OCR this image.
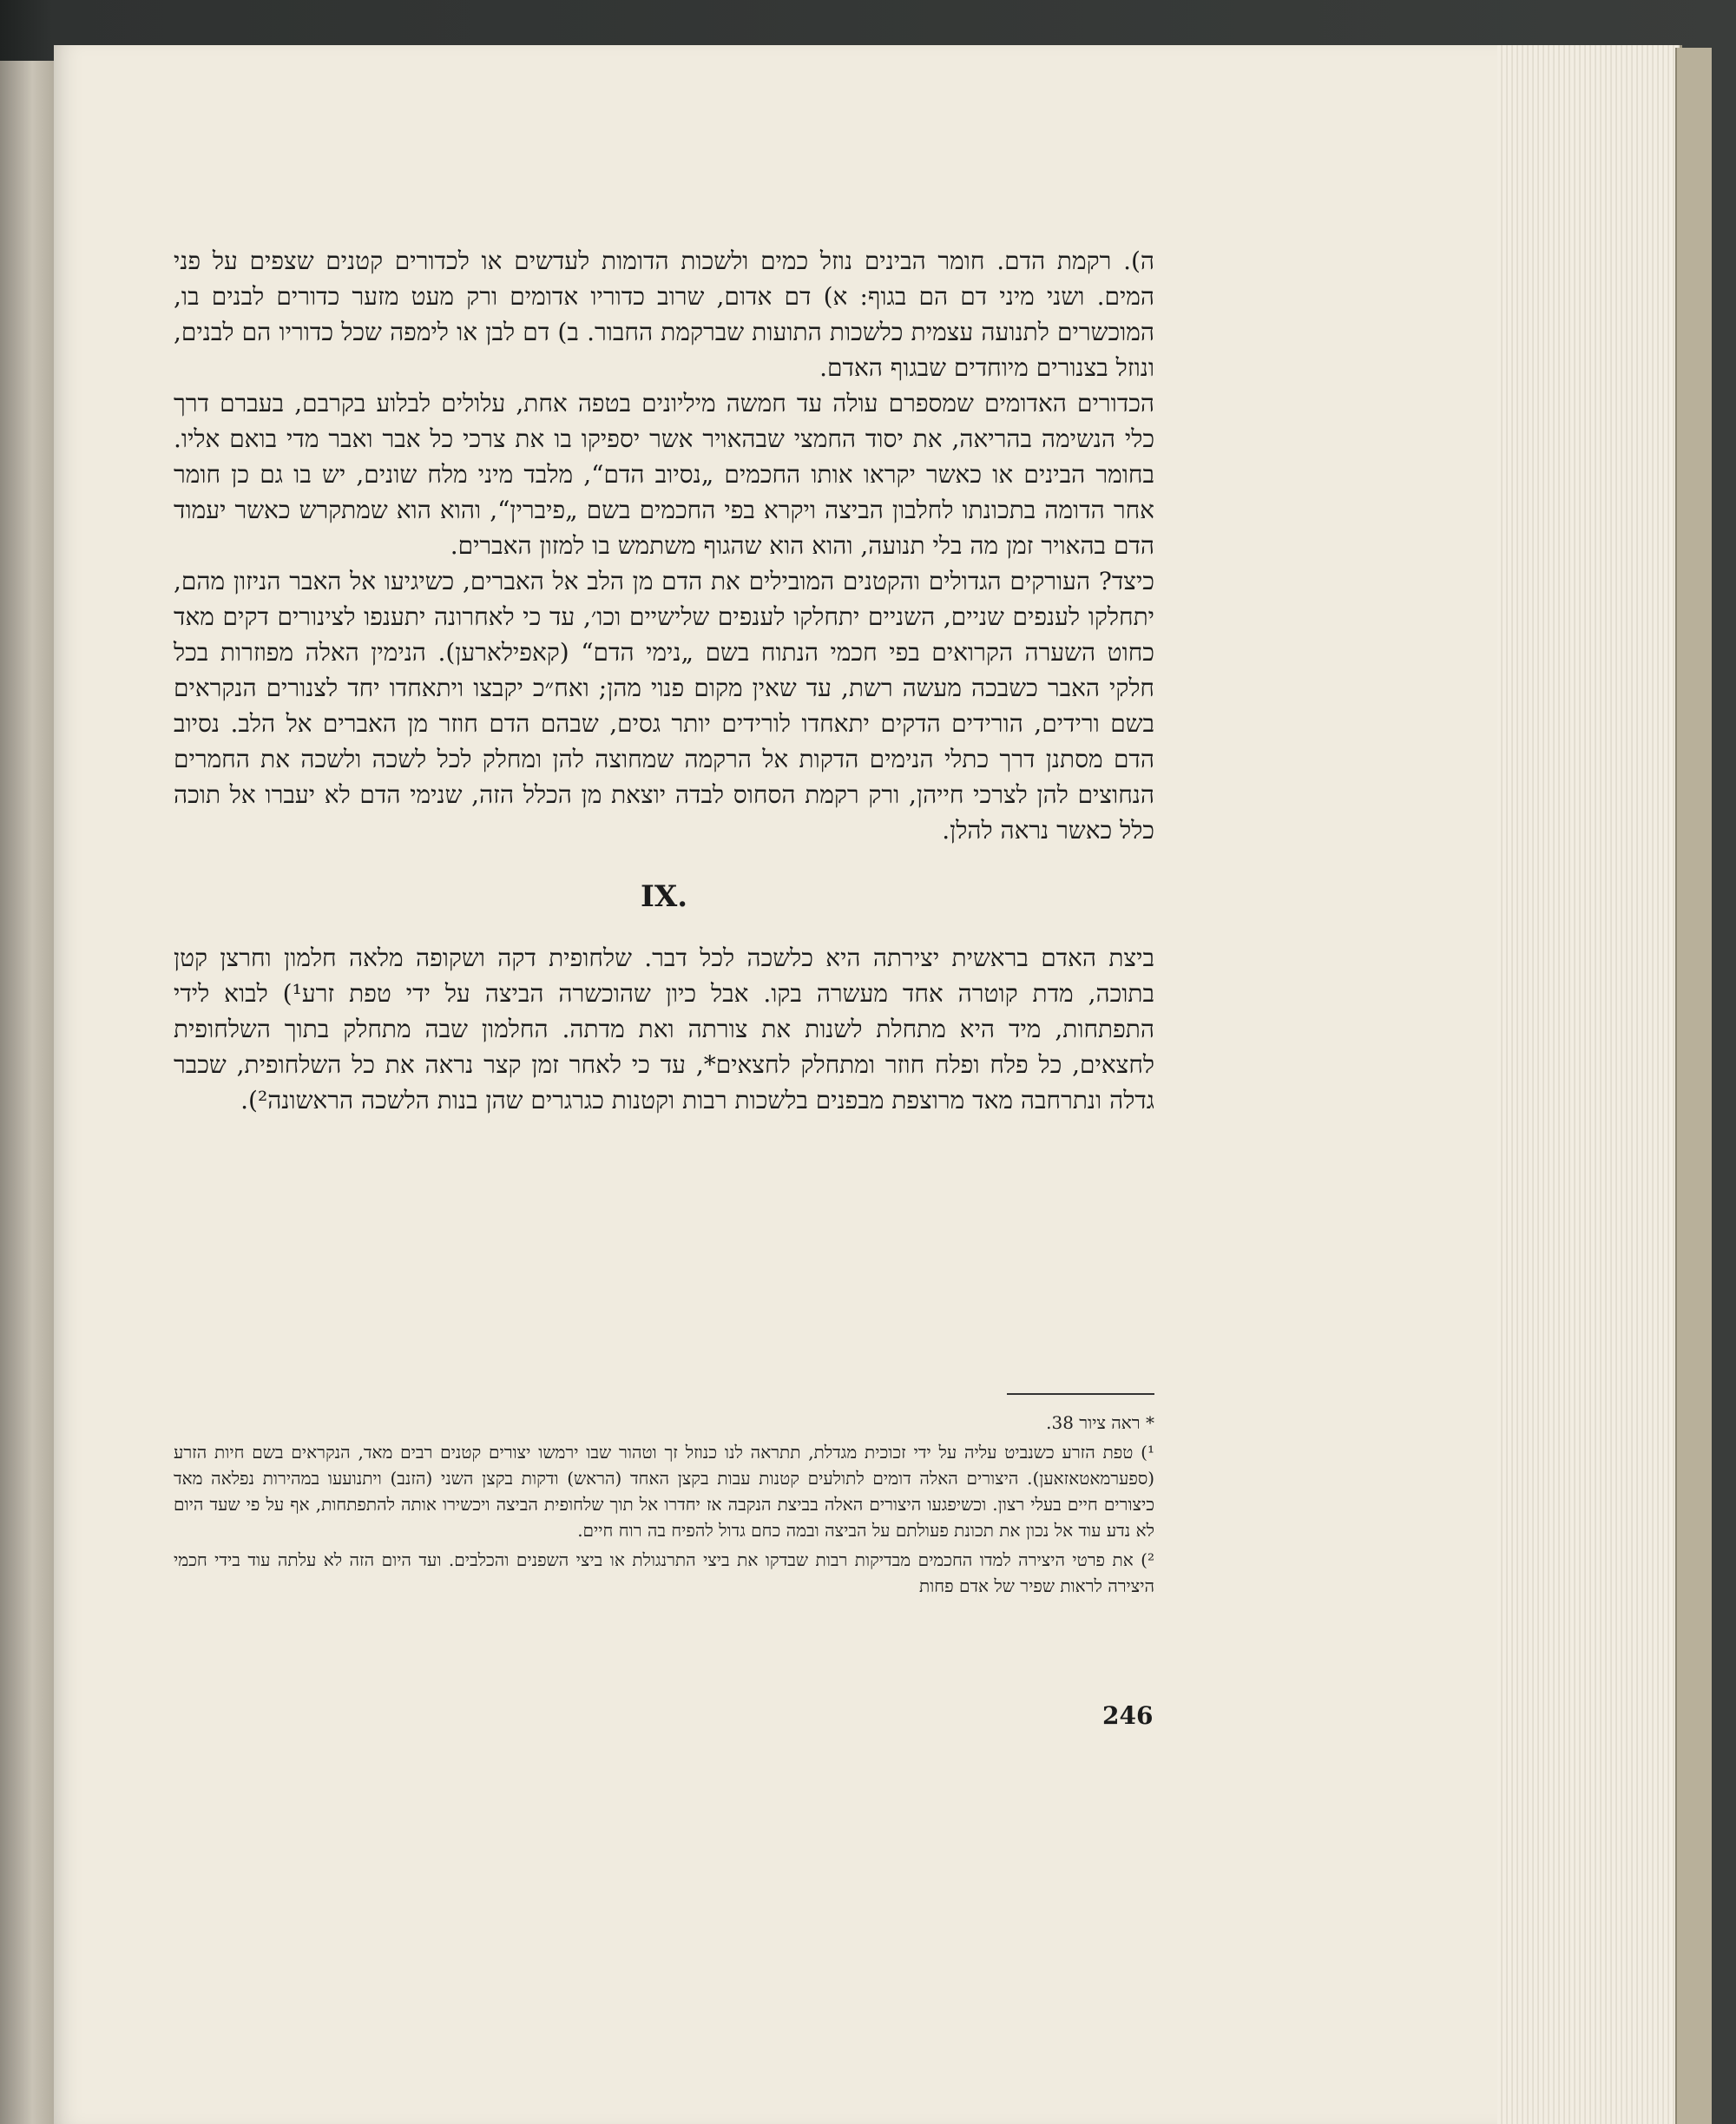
ה). רקמת הדם. חומר הבינים נוזל כמים ולשכות הדומות לעדשים או לכדורים קטנים שצפים על פני המים. ושני מיני דם הם בגוף: א) דם אדום, שרוב כדוריו אדומים ורק מעט מזער כדורים לבנים בו, המוכשרים לתנועה עצמית כלשכות התועות שברקמת החבור. ב) דם לבן או לימפה שכל כדוריו הם לבנים, ונוזל בצנורים מיוחדים שבגוף האדם.

הכדורים האדומים שמספרם עולה עד חמשה מיליונים בטפה אחת, עלולים לבלוע בקרבם, בעברם דרך כלי הנשימה בהריאה, את יסוד החמצי שבהאויר אשר יספיקו בו את צרכי כל אבר ואבר מדי בואם אליו. בחומר הבינים או כאשר יקראו אותו החכמים „נסיוב הדם“, מלבד מיני מלח שונים, יש בו גם כן חומר אחר הדומה בתכונתו לחלבון הביצה ויקרא בפי החכמים בשם „פיברין“, והוא הוא שמתקרש כאשר יעמוד הדם בהאויר זמן מה בלי תנועה, והוא הוא שהגוף משתמש בו למזון האברים.

כיצד? העורקים הגדולים והקטנים המובילים את הדם מן הלב אל האברים, כשיגיעו אל האבר הניזון מהם, יתחלקו לענפים שניים, השניים יתחלקו לענפים שלישיים וכו׳, עד כי לאחרונה יתענפו לצינורים דקים מאד כחוט השערה הקרואים בפי חכמי הנתוח בשם „נימי הדם“ (קאפילארען). הנימין האלה מפוזרות בכל חלקי האבר כשבכה מעשה רשת, עד שאין מקום פנוי מהן; ואח״כ יקבצו ויתאחדו יחד לצנורים הנקראים בשם ורידים, הורידים הדקים יתאחדו לורידים יותר גסים, שבהם הדם חוזר מן האברים אל הלב. נסיוב הדם מסתנן דרך כתלי הנימים הדקות אל הרקמה שמחוצה להן ומחלק לכל לשכה ולשכה את החמרים הנחוצים להן לצרכי חייהן, ורק רקמת הסחוס לבדה יוצאת מן הכלל הזה, שנימי הדם לא יעברו אל תוכה כלל כאשר נראה להלן.

IX.

ביצת האדם בראשית יצירתה היא כלשכה לכל דבר. שלחופית דקה ושקופה מלאה חלמון וחרצן קטן בתוכה, מדת קוטרה אחד מעשרה בקו. אבל כיון שהוכשרה הביצה על ידי טפת זרע¹) לבוא לידי התפתחות, מיד היא מתחלת לשנות את צורתה ואת מדתה. החלמון שבה מתחלק בתוך השלחופית לחצאים, כל פלח ופלח חוזר ומתחלק לחצאים*, עד כי לאחר זמן קצר נראה את כל השלחופית, שכבר גדלה ונתרחבה מאד מרוצפת מבפנים בלשכות רבות וקטנות כגרגרים שהן בנות הלשכה הראשונה²).

* ראה ציור 38.

¹) טפת הזרע כשנביט עליה על ידי זכוכית מגדלת, תתראה לנו כנוזל זך וטהור שבו ירמשו יצורים קטנים רבים מאד, הנקראים בשם חיות הזרע (ספערמאטאזאען). היצורים האלה דומים לתולעים קטנות עבות בקצן האחד (הראש) ודקות בקצן השני (הזנב) ויתנועעו במהירות נפלאה מאד כיצורים חיים בעלי רצון. וכשיפגעו היצורים האלה בביצת הנקבה אז יחדרו אל תוך שלחופית הביצה ויכשירו אותה להתפתחות, אף על פי שעד היום לא נדע עוד אל נכון את תכונת פעולתם על הביצה ובמה כחם גדול להפיח בה רוח חיים.

²) את פרטי היצירה למדו החכמים מבדיקות רבות שבדקו את ביצי התרנגולת או ביצי השפנים והכלבים. ועד היום הזה לא עלתה עוד בידי חכמי היצירה לראות שפיר של אדם פחות

246
